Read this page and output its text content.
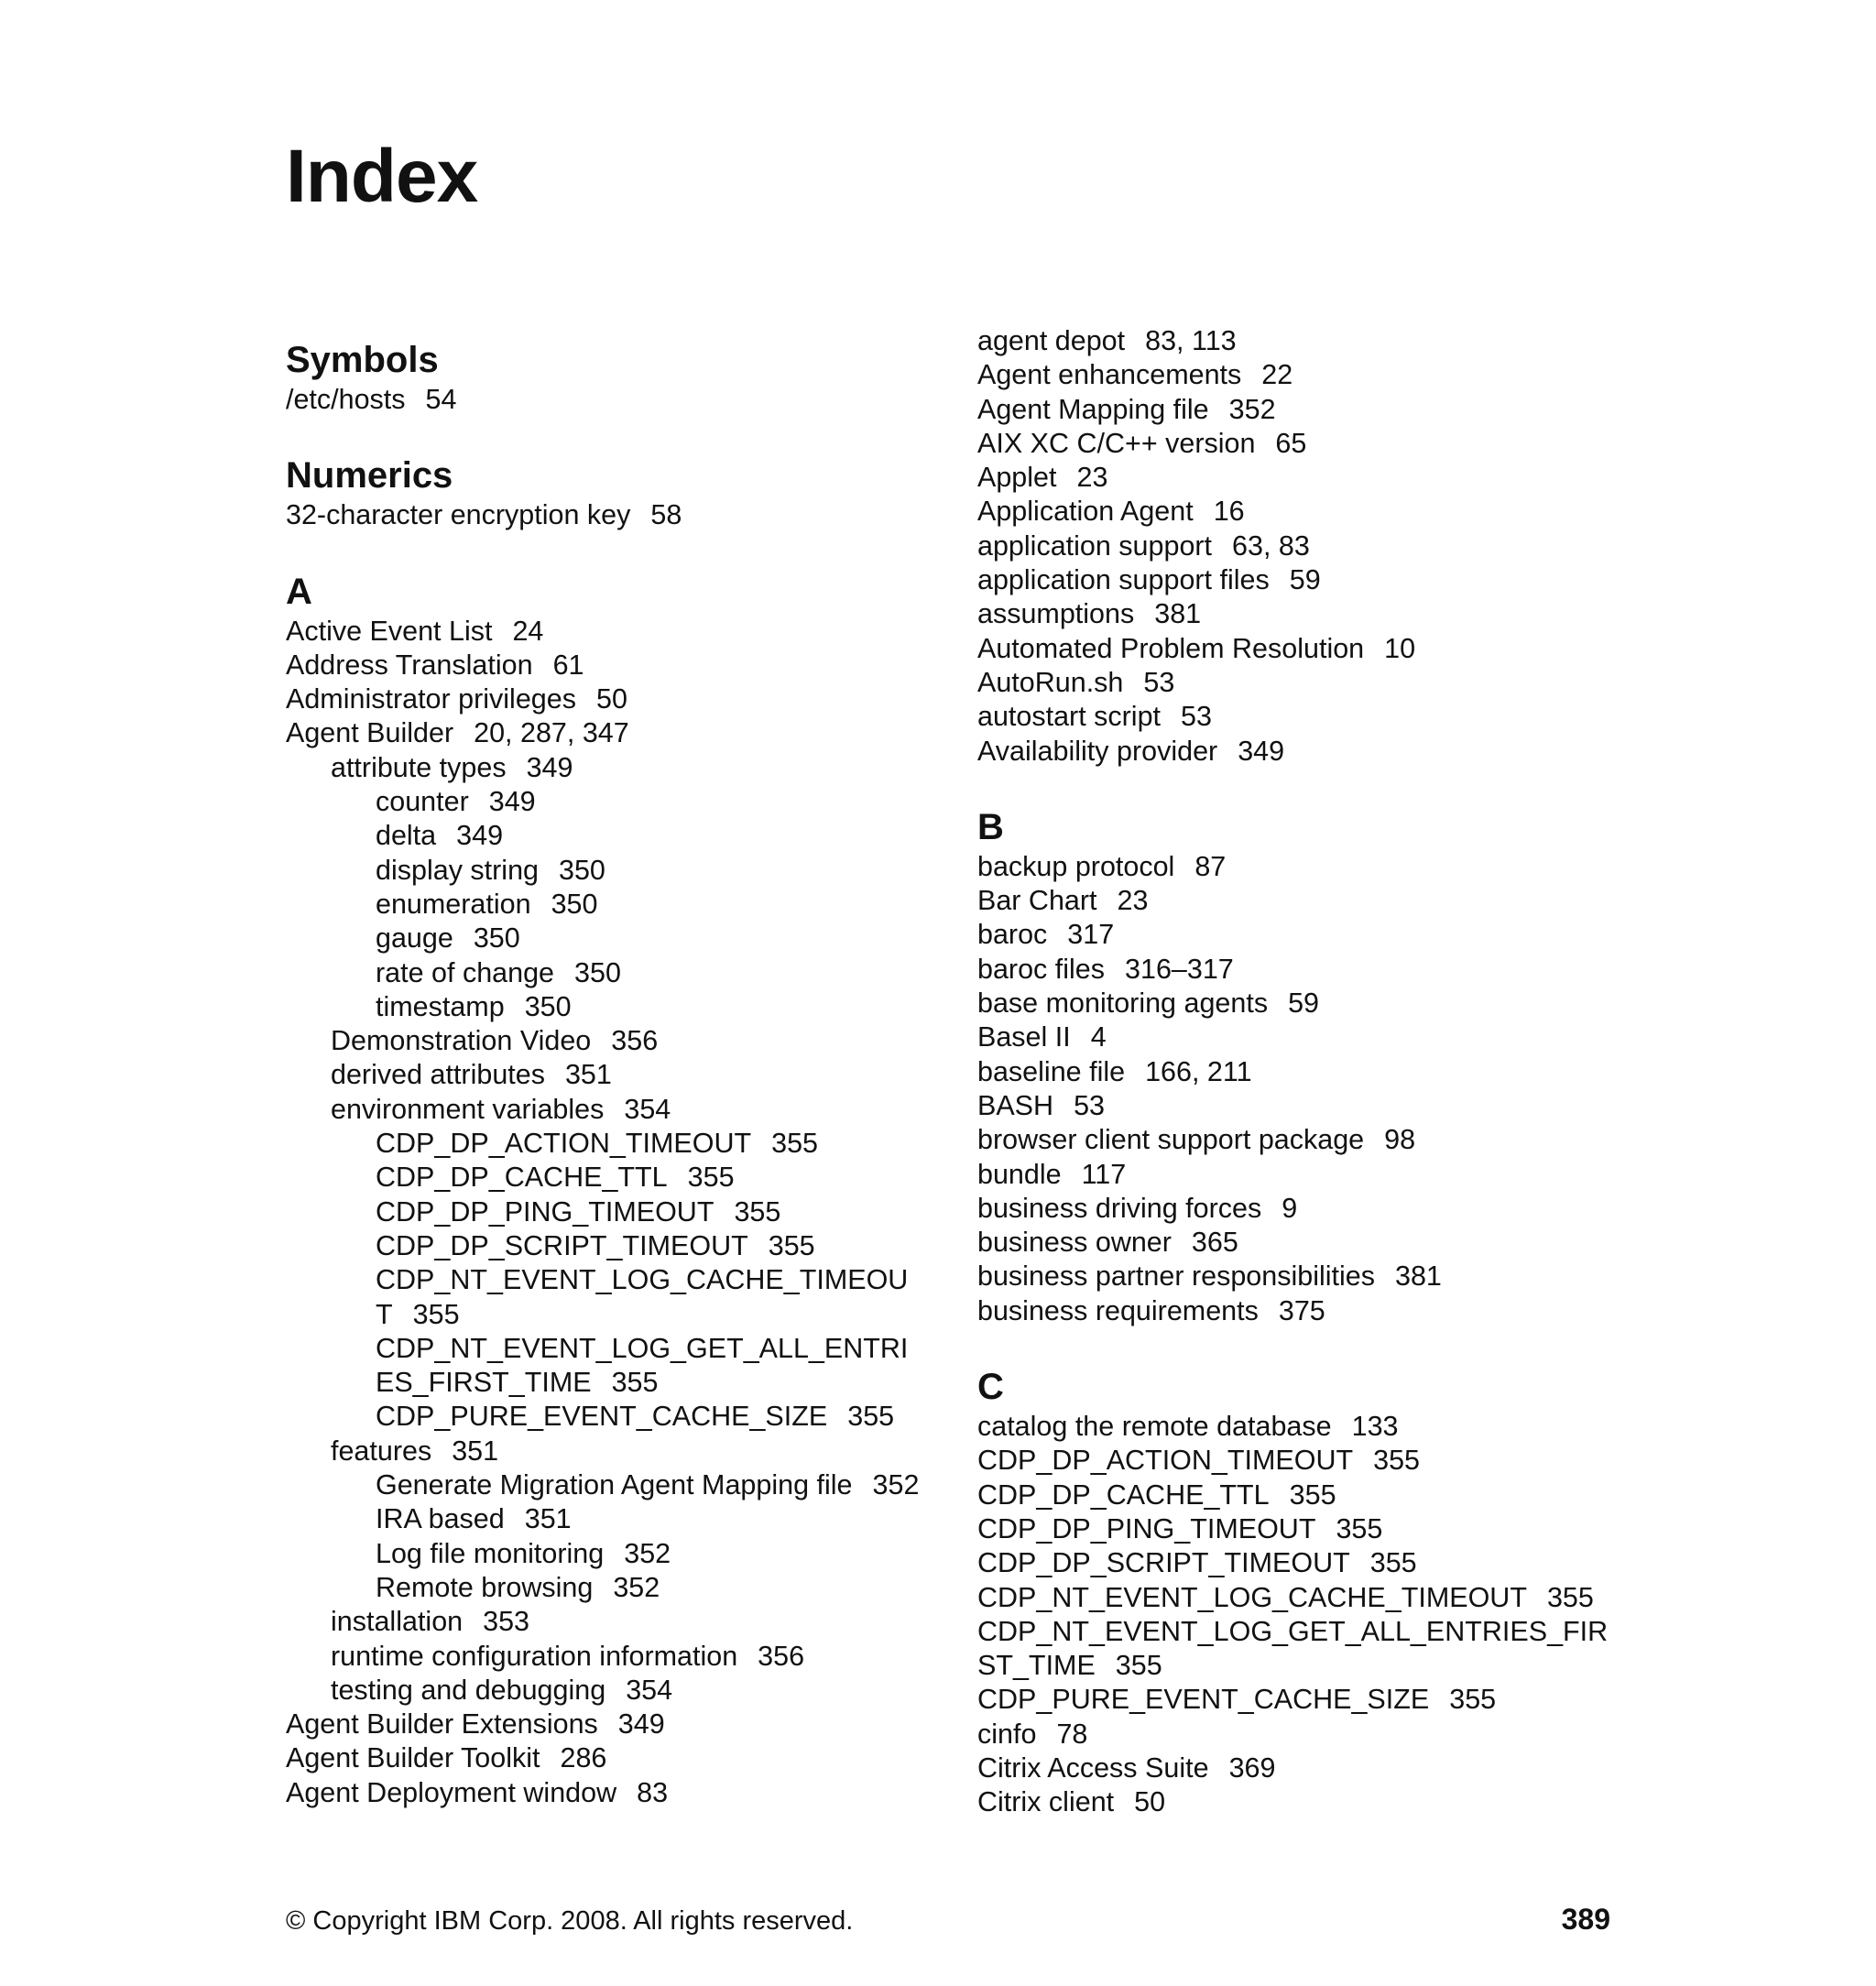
Index
Symbols
/etc/hosts 54
Numerics
32-character encryption key 58
A
Active Event List 24
Address Translation 61
Administrator privileges 50
Agent Builder 20, 287, 347
attribute types 349
counter 349
delta 349
display string 350
enumeration 350
gauge 350
rate of change 350
timestamp 350
Demonstration Video 356
derived attributes 351
environment variables 354
CDP_DP_ACTION_TIMEOUT 355
CDP_DP_CACHE_TTL 355
CDP_DP_PING_TIMEOUT 355
CDP_DP_SCRIPT_TIMEOUT 355
CDP_NT_EVENT_LOG_CACHE_TIMEOU
T 355
CDP_NT_EVENT_LOG_GET_ALL_ENTRI
ES_FIRST_TIME 355
CDP_PURE_EVENT_CACHE_SIZE 355
features 351
Generate Migration Agent Mapping file 352
IRA based 351
Log file monitoring 352
Remote browsing 352
installation 353
runtime configuration information 356
testing and debugging 354
Agent Builder Extensions 349
Agent Builder Toolkit 286
Agent Deployment window 83
agent depot 83, 113
Agent enhancements 22
Agent Mapping file 352
AIX XC C/C++ version 65
Applet 23
Application Agent 16
application support 63, 83
application support files 59
assumptions 381
Automated Problem Resolution 10
AutoRun.sh 53
autostart script 53
Availability provider 349
B
backup protocol 87
Bar Chart 23
baroc 317
baroc files 316–317
base monitoring agents 59
Basel II 4
baseline file 166, 211
BASH 53
browser client support package 98
bundle 117
business driving forces 9
business owner 365
business partner responsibilities 381
business requirements 375
C
catalog the remote database 133
CDP_DP_ACTION_TIMEOUT 355
CDP_DP_CACHE_TTL 355
CDP_DP_PING_TIMEOUT 355
CDP_DP_SCRIPT_TIMEOUT 355
CDP_NT_EVENT_LOG_CACHE_TIMEOUT 355
CDP_NT_EVENT_LOG_GET_ALL_ENTRIES_FIR
ST_TIME 355
CDP_PURE_EVENT_CACHE_SIZE 355
cinfo 78
Citrix Access Suite 369
Citrix client 50
© Copyright IBM Corp. 2008. All rights reserved.	389
